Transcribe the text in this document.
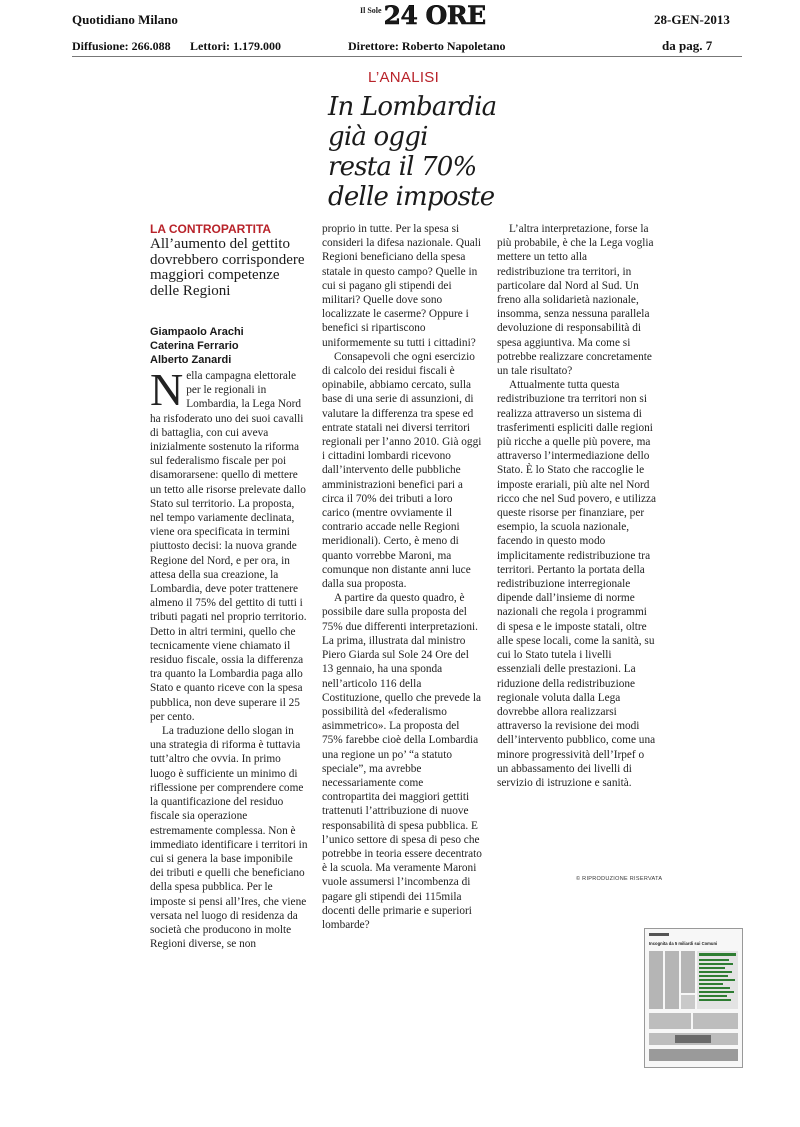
Quotidiano Milano
$^{Il Sole}$24 ORE	28-GEN-2013
Diffusione: 266.088 Lettori: 1.179.000	Direttore: Roberto Napoletano	da pag. 7
L’ANALISI
In Lombardia
già oggi
resta il 70%
delle imposte
LA CONTROPARTITA
All’aumento del gettito dovrebbero corrispondere maggiori competenze delle Regioni
Giampaolo Arachi
Caterina Ferrario
Alberto Zanardi

Nella campagna elettorale per le regionali in Lombardia, la Lega Nord ha risfoderato uno dei suoi cavalli di battaglia, con cui aveva inizialmente sostenuto la riforma sul federalismo fiscale per poi disamorarsene: quello di mettere un tetto alle risorse prelevate dallo Stato sul territorio. La proposta, nel tempo variamente declinata, viene ora specificata in termini piuttosto decisi: la nuova grande Regione del Nord, e per ora, in attesa della sua creazione, la Lombardia, deve poter trattenere almeno il 75% del gettito di tutti i tributi pagati nel proprio territorio. Detto in altri termini, quello che tecnicamente viene chiamato il residuo fiscale, ossia la differenza tra quanto la Lombardia paga allo Stato e quanto riceve con la spesa pubblica, non deve superare il 25 per cento.

La traduzione dello slogan in una strategia di riforma è tuttavia tutt’altro che ovvia. In primo luogo è sufficiente un minimo di riflessione per comprendere come la quantificazione del residuo fiscale sia operazione estremamente complessa. Non è immediato identificare i territori in cui si genera la base imponibile dei tributi e quelli che beneficiano della spesa pubblica. Per le imposte si pensi all’Ires, che viene versata nel luogo di residenza da società che producono in molte Regioni diverse, se non

proprio in tutte. Per la spesa si consideri la difesa nazionale. Quali Regioni beneficiano della spesa statale in questo campo? Quelle in cui si pagano gli stipendi dei militari? Quelle dove sono localizzate le caserme? Oppure i benefici si ripartiscono uniformemente su tutti i cittadini?

Consapevoli che ogni esercizio di calcolo dei residui fiscali è opinabile, abbiamo cercato, sulla base di una serie di assunzioni, di valutare la differenza tra spese ed entrate statali nei diversi territori regionali per l’anno 2010. Già oggi i cittadini lombardi ricevono dall’intervento delle pubbliche amministrazioni benefici pari a circa il 70% dei tributi a loro carico (mentre ovviamente il contrario accade nelle Regioni meridionali). Certo, è meno di quanto vorrebbe Maroni, ma comunque non distante anni luce dalla sua proposta.

A partire da questo quadro, è possibile dare sulla proposta del 75% due differenti interpretazioni. La prima, illustrata dal ministro Piero Giarda sul Sole 24 Ore del 13 gennaio, ha una sponda nell’articolo 116 della Costituzione, quello che prevede la possibilità del «federalismo asimmetrico». La proposta del 75% farebbe cioè della Lombardia una regione un po’ “a statuto speciale”, ma avrebbe necessariamente come contropartita dei maggiori gettiti trattenuti l’attribuzione di nuove responsabilità di spesa pubblica. E l’unico settore di spesa di peso che potrebbe in teoria essere decentrato è la scuola. Ma veramente Maroni vuole assumersi l’incombenza di pagare gli stipendi dei 115mila docenti delle primarie e superiori lombarde?

L’altra interpretazione, forse la più probabile, è che la Lega voglia mettere un tetto alla redistribuzione tra territori, in particolare dal Nord al Sud. Un freno alla solidarietà nazionale, insomma, senza nessuna parallela devoluzione di responsabilità di spesa aggiuntiva. Ma come si potrebbe realizzare concretamente un tale risultato?

Attualmente tutta questa redistribuzione tra territori non si realizza attraverso un sistema di trasferimenti espliciti dalle regioni più ricche a quelle più povere, ma attraverso l’intermediazione dello Stato. È lo Stato che raccoglie le imposte erariali, più alte nel Nord ricco che nel Sud povero, e utilizza queste risorse per finanziare, per esempio, la scuola nazionale, facendo in questo modo implicitamente redistribuzione tra territori. Pertanto la portata della redistribuzione interregionale dipende dall’insieme di norme nazionali che regola i programmi di spesa e le imposte statali, oltre alle spese locali, come la sanità, su cui lo Stato tutela i livelli essenziali delle prestazioni. La riduzione della redistribuzione regionale voluta dalla Lega dovrebbe allora realizzarsi attraverso la revisione dei modi dell’intervento pubblico, come una minore progressività dell’Irpef o un abbassamento dei livelli di servizio di istruzione e sanità.

© RIPRODUZIONE RISERVATA
Incognita da 5 miliardi sui Comuni
